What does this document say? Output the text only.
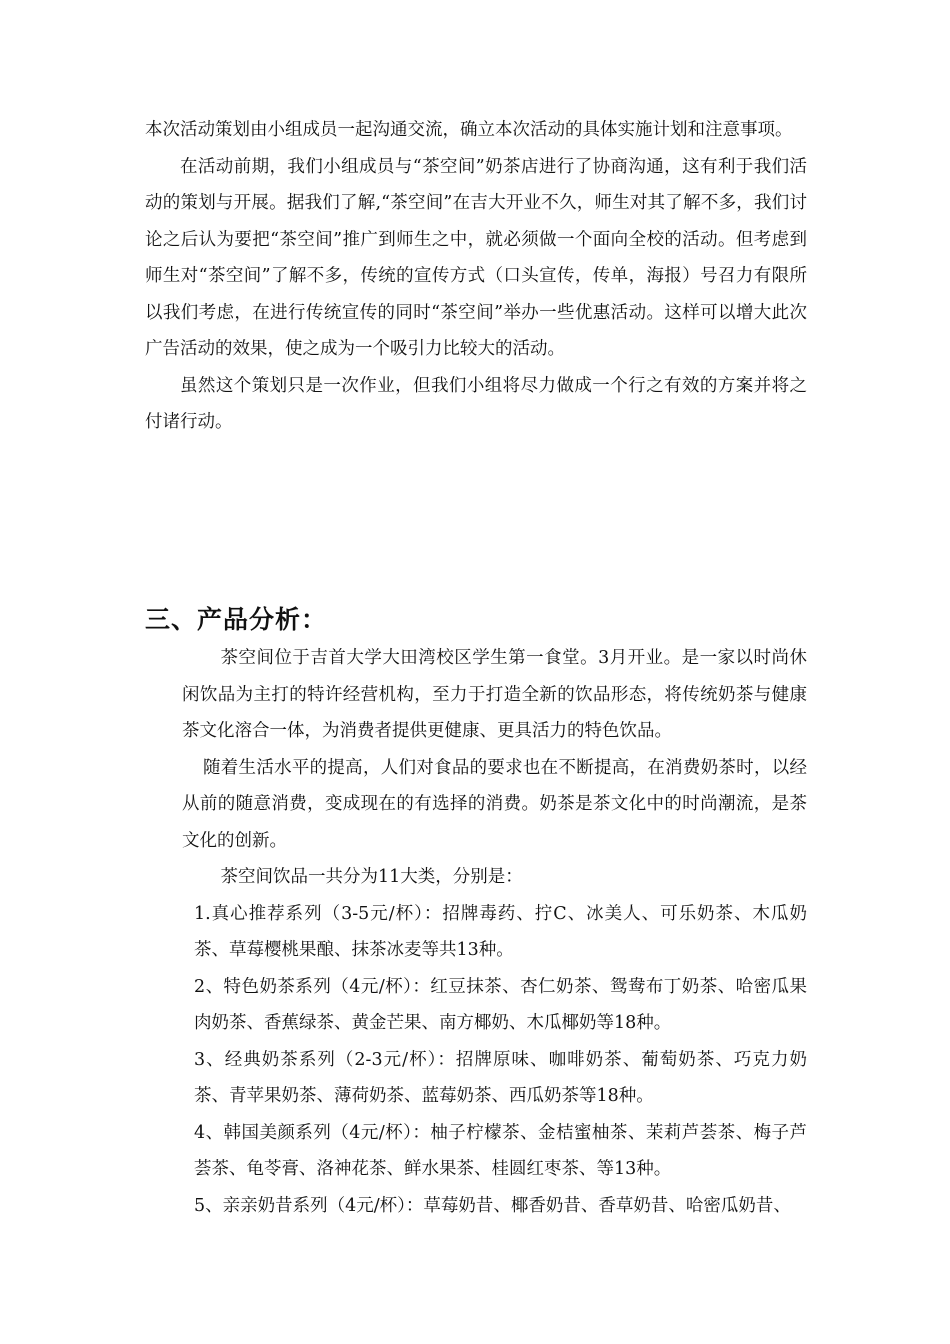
本次活动策划由小组成员一起沟通交流，确立本次活动的具体实施计划和注意事项。

在活动前期，我们小组成员与“茶空间”奶茶店进行了协商沟通，这有利于我们活动的策划与开展。据我们了解,“茶空间”在吉大开业不久，师生对其了解不多，我们讨论之后认为要把“茶空间”推广到师生之中，就必须做一个面向全校的活动。但考虑到师生对“茶空间”了解不多，传统的宣传方式（口头宣传，传单，海报）号召力有限所以我们考虑，在进行传统宣传的同时“茶空间”举办一些优惠活动。这样可以增大此次广告活动的效果，使之成为一个吸引力比较大的活动。

虽然这个策划只是一次作业，但我们小组将尽力做成一个行之有效的方案并将之付诸行动。

三、产品分析：

茶空间位于吉首大学大田湾校区学生第一食堂。3月开业。是一家以时尚休闲饮品为主打的特许经营机构，至力于打造全新的饮品形态，将传统奶茶与健康茶文化溶合一体，为消费者提供更健康、更具活力的特色饮品。

随着生活水平的提高，人们对食品的要求也在不断提高，在消费奶茶时，以经从前的随意消费，变成现在的有选择的消费。奶茶是茶文化中的时尚潮流，是茶文化的创新。

茶空间饮品一共分为11大类，分别是：

1.真心推荐系列（3-5元/杯）：招牌毒药、拧C、冰美人、可乐奶茶、木瓜奶茶、草莓樱桃果酿、抹茶冰麦等共13种。

2、特色奶茶系列（4元/杯）：红豆抹茶、杏仁奶茶、鸳鸯布丁奶茶、哈密瓜果肉奶茶、香蕉绿茶、黄金芒果、南方椰奶、木瓜椰奶等18种。

3、经典奶茶系列（2-3元/杯）：招牌原味、咖啡奶茶、葡萄奶茶、巧克力奶茶、青苹果奶茶、薄荷奶茶、蓝莓奶茶、西瓜奶茶等18种。

4、韩国美颜系列（4元/杯）：柚子柠檬茶、金桔蜜柚茶、茉莉芦荟茶、梅子芦荟茶、龟苓膏、洛神花茶、鲜水果茶、桂圆红枣茶、等13种。

5、亲亲奶昔系列（4元/杯）：草莓奶昔、椰香奶昔、香草奶昔、哈密瓜奶昔、
